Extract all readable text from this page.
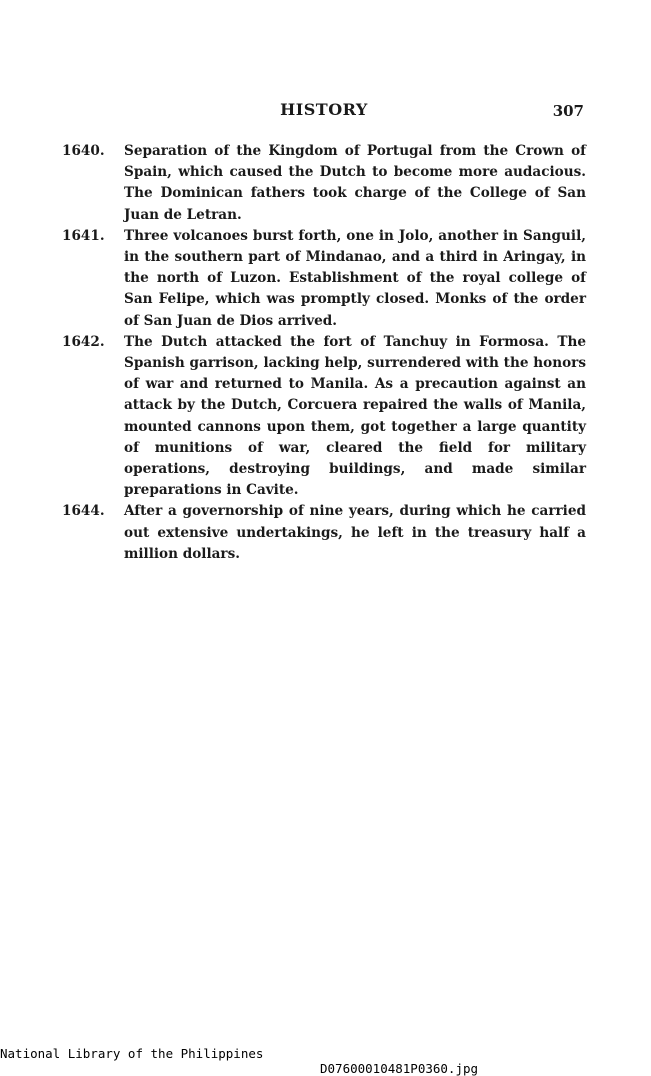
HISTORY	307
1640.	Separation of the Kingdom of Portugal from the Crown of Spain, which caused the Dutch to become more audacious. The Dominican fathers took charge of the College of San Juan de Letran.
1641.	Three volcanoes burst forth, one in Jolo, another in Sanguil, in the southern part of Mindanao, and a third in Aringay, in the north of Luzon. Establishment of the royal college of San Felipe, which was promptly closed. Monks of the order of San Juan de Dios arrived.
1642.	The Dutch attacked the fort of Tanchuy in Formosa. The Spanish garrison, lacking help, surrendered with the honors of war and returned to Manila. As a precaution against an attack by the Dutch, Corcuera repaired the walls of Manila, mounted cannons upon them, got together a large quantity of munitions of war, cleared the field for military operations, destroying buildings, and made similar preparations in Cavite.
1644.	After a governorship of nine years, during which he carried out extensive undertakings, he left in the treasury half a million dollars.

National Library of the Philippines

D07600010481P0360.jpg
